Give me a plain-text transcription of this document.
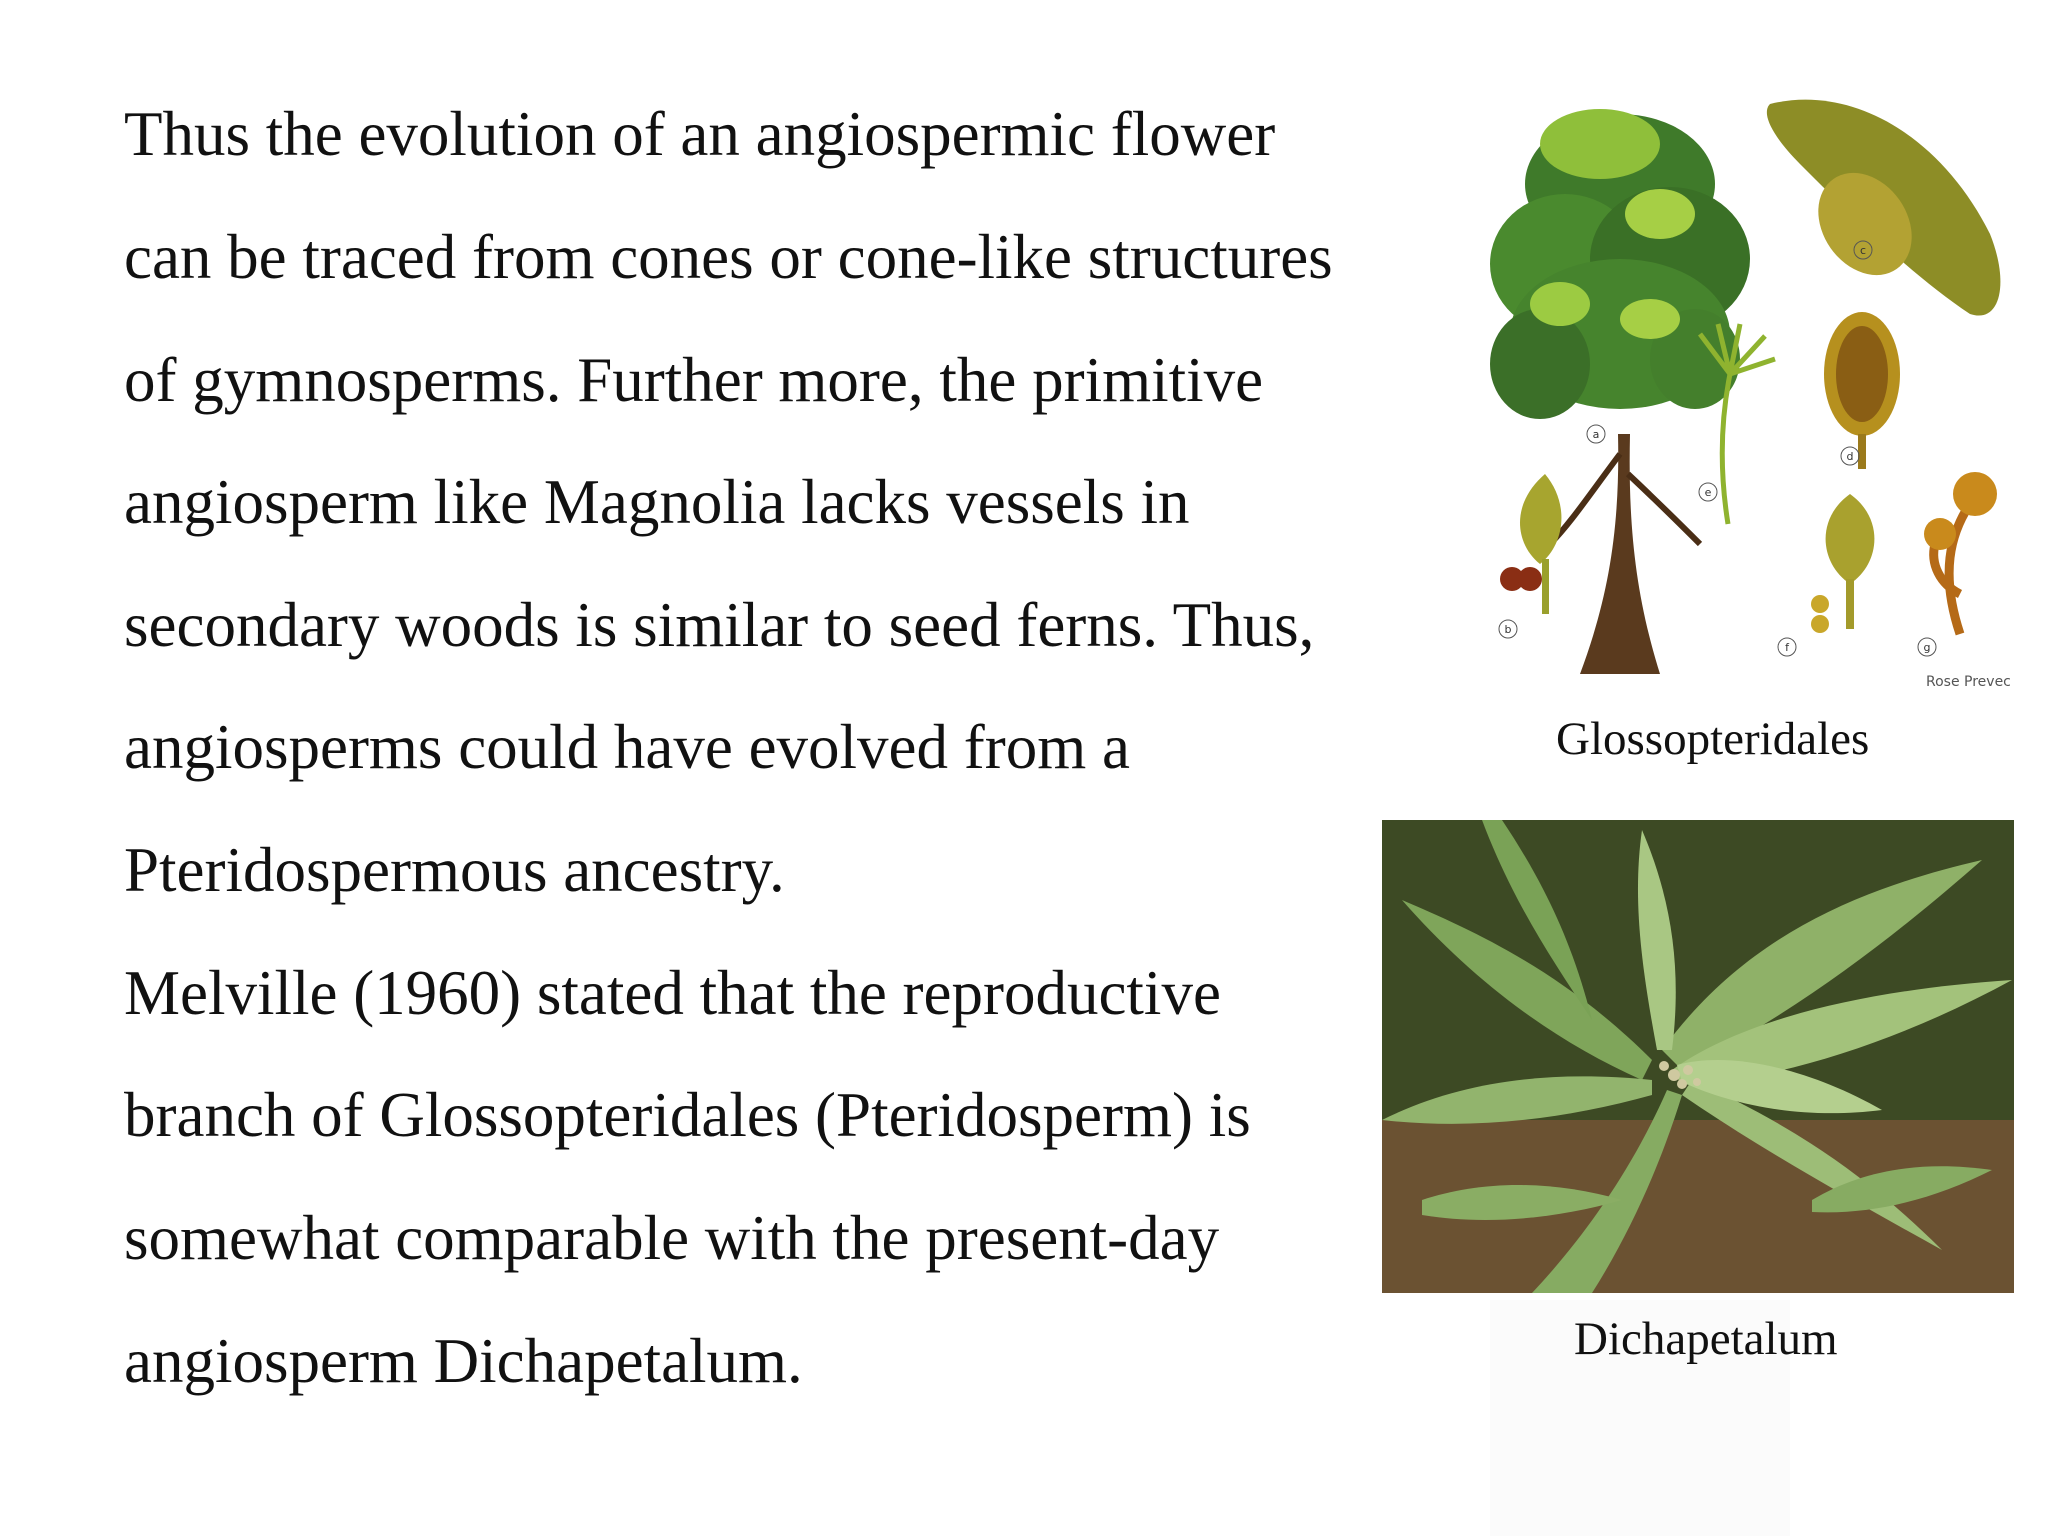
Thus the evolution of an angiospermic flower

can be traced from cones or cone-like structures

of gymnosperms. Further more, the primitive

angiosperm like Magnolia lacks vessels in

secondary woods is similar to seed ferns. Thus,

angiosperms could have evolved from a

Pteridospermous ancestry.

Melville (1960) stated that the reproductive

branch of Glossopteridales (Pteridosperm) is

somewhat comparable with the present-day

angiosperm Dichapetalum.

a
b
c
d
e
f	g
Rose Prevec
Glossopteridales
Dichapetalum
